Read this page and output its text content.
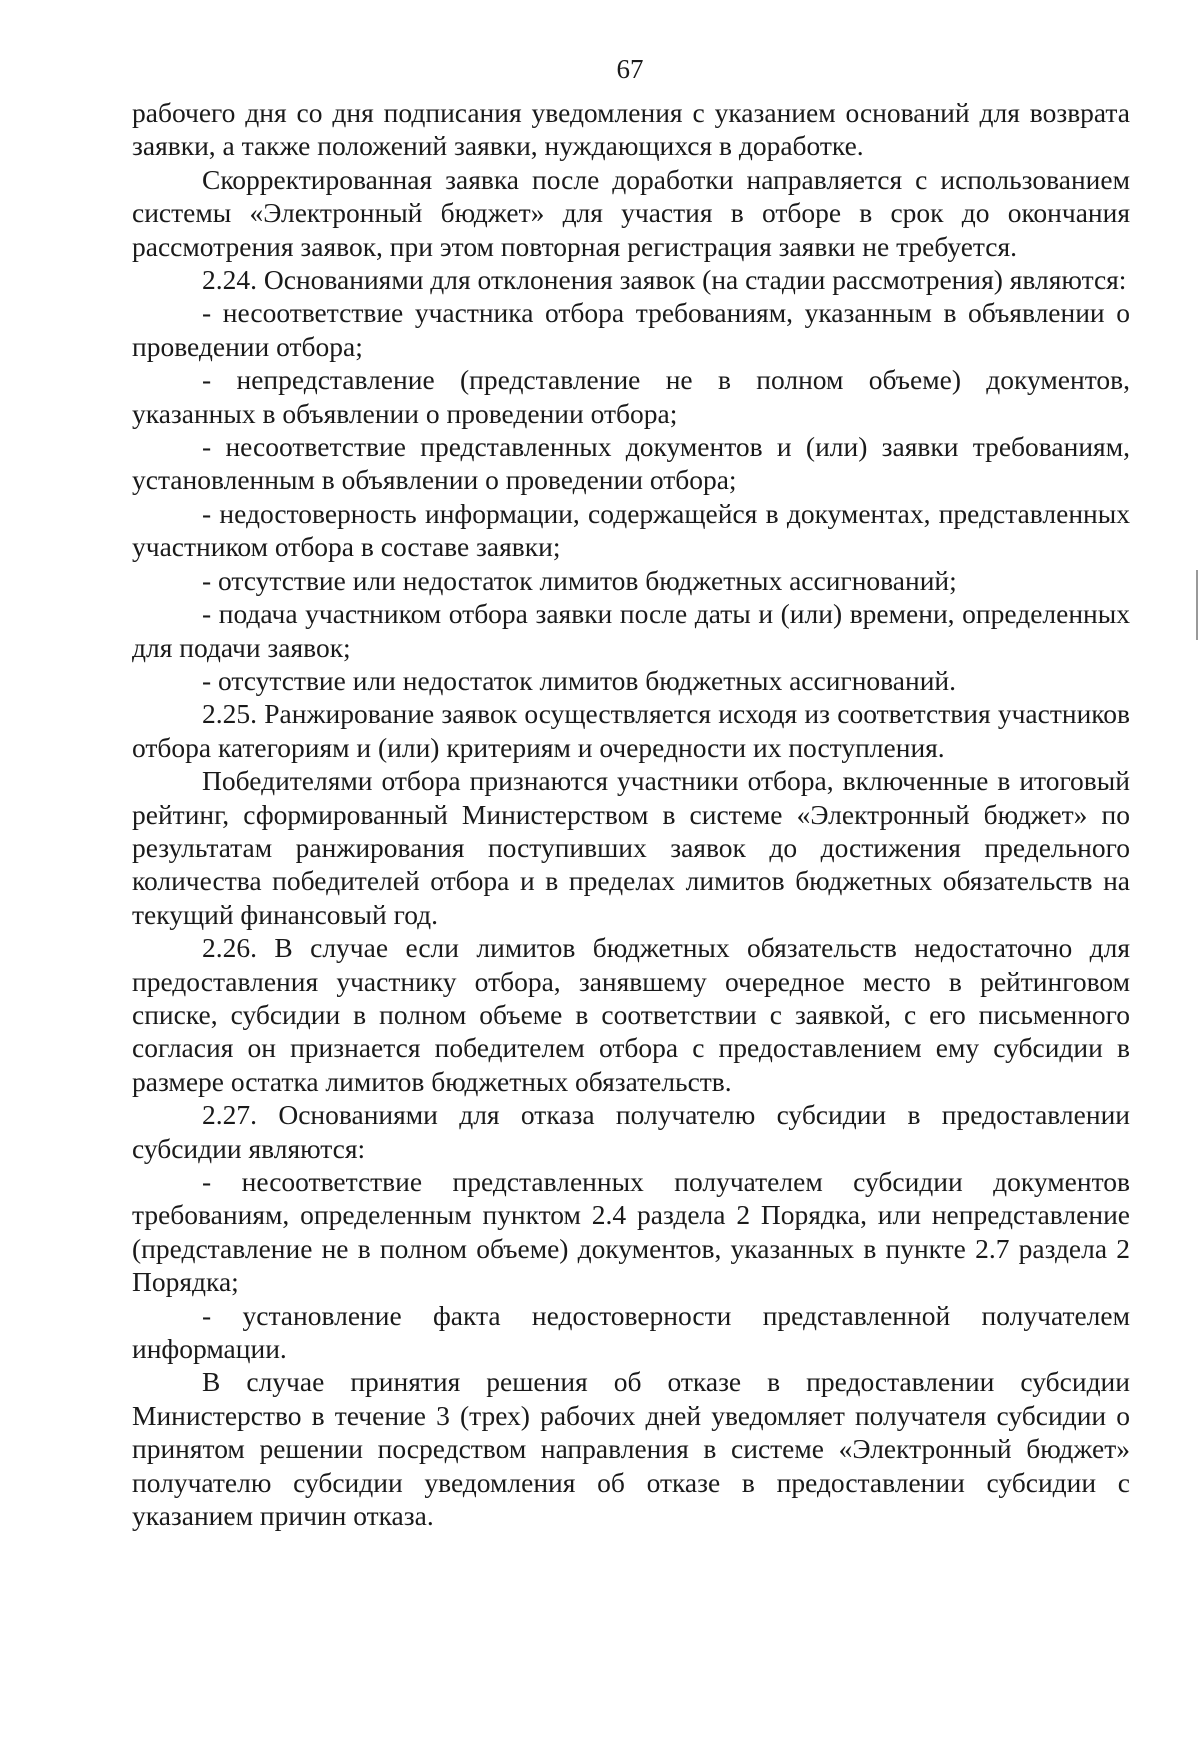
67

рабочего дня со дня подписания уведомления с указанием оснований для возврата заявки, а также положений заявки, нуждающихся в доработке.

Скорректированная заявка после доработки направляется с использованием системы «Электронный бюджет» для участия в отборе в срок до окончания рассмотрения заявок, при этом повторная регистрация заявки не требуется.

2.24. Основаниями для отклонения заявок (на стадии рассмотрения) являются:

- несоответствие участника отбора требованиям, указанным в объявлении о проведении отбора;

- непредставление (представление не в полном объеме) документов, указанных в объявлении о проведении отбора;

- несоответствие представленных документов и (или) заявки требованиям, установленным в объявлении о проведении отбора;

- недостоверность информации, содержащейся в документах, представленных участником отбора в составе заявки;

- отсутствие или недостаток лимитов бюджетных ассигнований;

- подача участником отбора заявки после даты и (или) времени, определенных для подачи заявок;

- отсутствие или недостаток лимитов бюджетных ассигнований.

2.25. Ранжирование заявок осуществляется исходя из соответствия участников отбора категориям и (или) критериям и очередности их поступления.

Победителями отбора признаются участники отбора, включенные в итоговый рейтинг, сформированный Министерством в системе «Электронный бюджет» по результатам ранжирования поступивших заявок до достижения предельного количества победителей отбора и в пределах лимитов бюджетных обязательств на текущий финансовый год.

2.26. В случае если лимитов бюджетных обязательств недостаточно для предоставления участнику отбора, занявшему очередное место в рейтинговом списке, субсидии в полном объеме в соответствии с заявкой, с его письменного согласия он признается победителем отбора с предоставлением ему субсидии в размере остатка лимитов бюджетных обязательств.

2.27. Основаниями для отказа получателю субсидии в предоставлении субсидии являются:

- несоответствие представленных получателем субсидии документов требованиям, определенным пунктом 2.4 раздела 2 Порядка, или непредставление (представление не в полном объеме) документов, указанных в пункте 2.7 раздела 2 Порядка;

- установление факта недостоверности представленной получателем информации.

В случае принятия решения об отказе в предоставлении субсидии Министерство в течение 3 (трех) рабочих дней уведомляет получателя субсидии о принятом решении посредством направления в системе «Электронный бюджет» получателю субсидии уведомления об отказе в предоставлении субсидии с указанием причин отказа.
